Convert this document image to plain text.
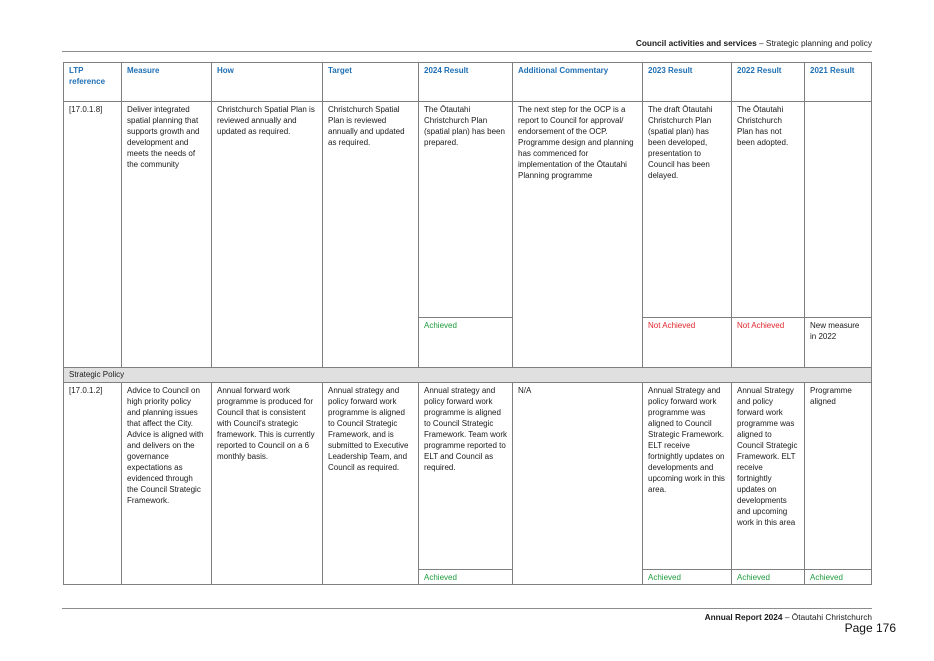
Council activities and services – Strategic planning and policy
LTP reference	Measure	How	Target	2024 Result	Additional Commentary	2023 Result	2022 Result	2021 Result
[17.0.1.8]	Deliver integrated spatial planning that supports growth and development and meets the needs of the community	Christchurch Spatial Plan is reviewed annually and updated as required.	Christchurch Spatial Plan is reviewed annually and updated as required.	The Ōtautahi Christchurch Plan (spatial plan) has been prepared.	The next step for the OCP is a report to Council for approval/ endorsement of the OCP. Programme design and planning has commenced for implementation of the Ōtautahi Planning programme	The draft Ōtautahi Christchurch Plan (spatial plan) has been developed, presentation to Council has been delayed.	The Ōtautahi Christchurch Plan has not been adopted.	
				Achieved		Not Achieved	Not Achieved	New measure in 2022
Strategic Policy								
[17.0.1.2]	Advice to Council on high priority policy and planning issues that affect the City. Advice is aligned with and delivers on the governance expectations as evidenced through the Council Strategic Framework.	Annual forward work programme is produced for Council that is consistent with Council's strategic framework. This is currently reported to Council on a 6 monthly basis.	Annual strategy and policy forward work programme is aligned to Council Strategic Framework, and is submitted to Executive Leadership Team, and Council as required.	Annual strategy and policy forward work programme is aligned to Council Strategic Framework. Team work programme reported to ELT and Council as required.	N/A	Annual Strategy and policy forward work programme was aligned to Council Strategic Framework. ELT receive fortnightly updates on developments and upcoming work in this area.	Annual Strategy and policy forward work programme was aligned to Council Strategic Framework. ELT receive fortnightly updates on developments and upcoming work in this area	Programme aligned
				Achieved		Achieved	Achieved	Achieved
Annual Report 2024 – Ōtautahi Christchurch
Page 176
